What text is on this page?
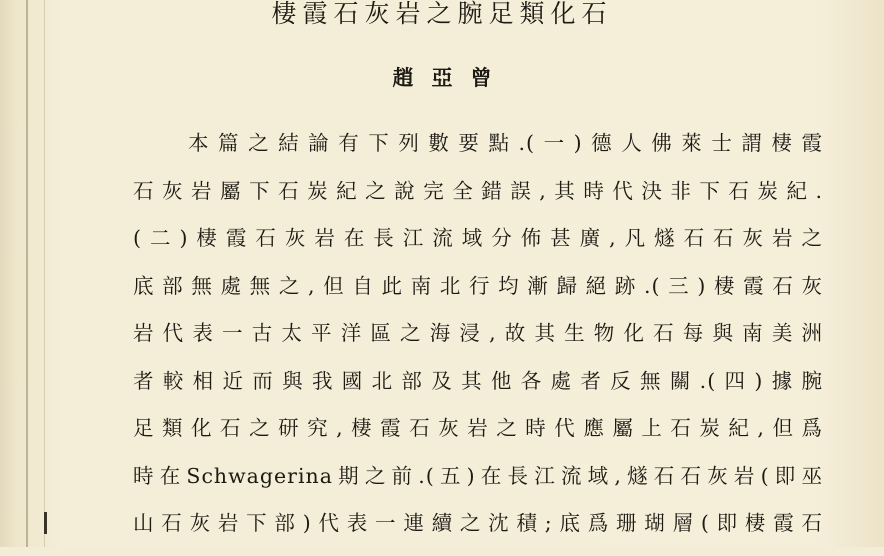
棲霞石灰岩之腕足類化石
趙亞曾
本篇之結論有下列數要點.(一)德人佛萊士謂棲霞
石灰岩屬下石炭紀之說完全錯誤,其時代決非下石炭紀.
(二)棲霞石灰岩在長江流域分佈甚廣,凡燧石石灰岩之
底部無處無之,但自此南北行均漸歸絕跡.(三)棲霞石灰
岩代表一古太平洋區之海浸,故其生物化石每與南美洲
者較相近而與我國北部及其他各處者反無關.(四)據腕
足類化石之研究,棲霞石灰岩之時代應屬上石炭紀,但爲
時在Schwagerina期之前.(五)在長江流域,燧石石灰岩(即巫
山石灰岩下部)代表一連續之沈積;底爲珊瑚層(即棲霞石
